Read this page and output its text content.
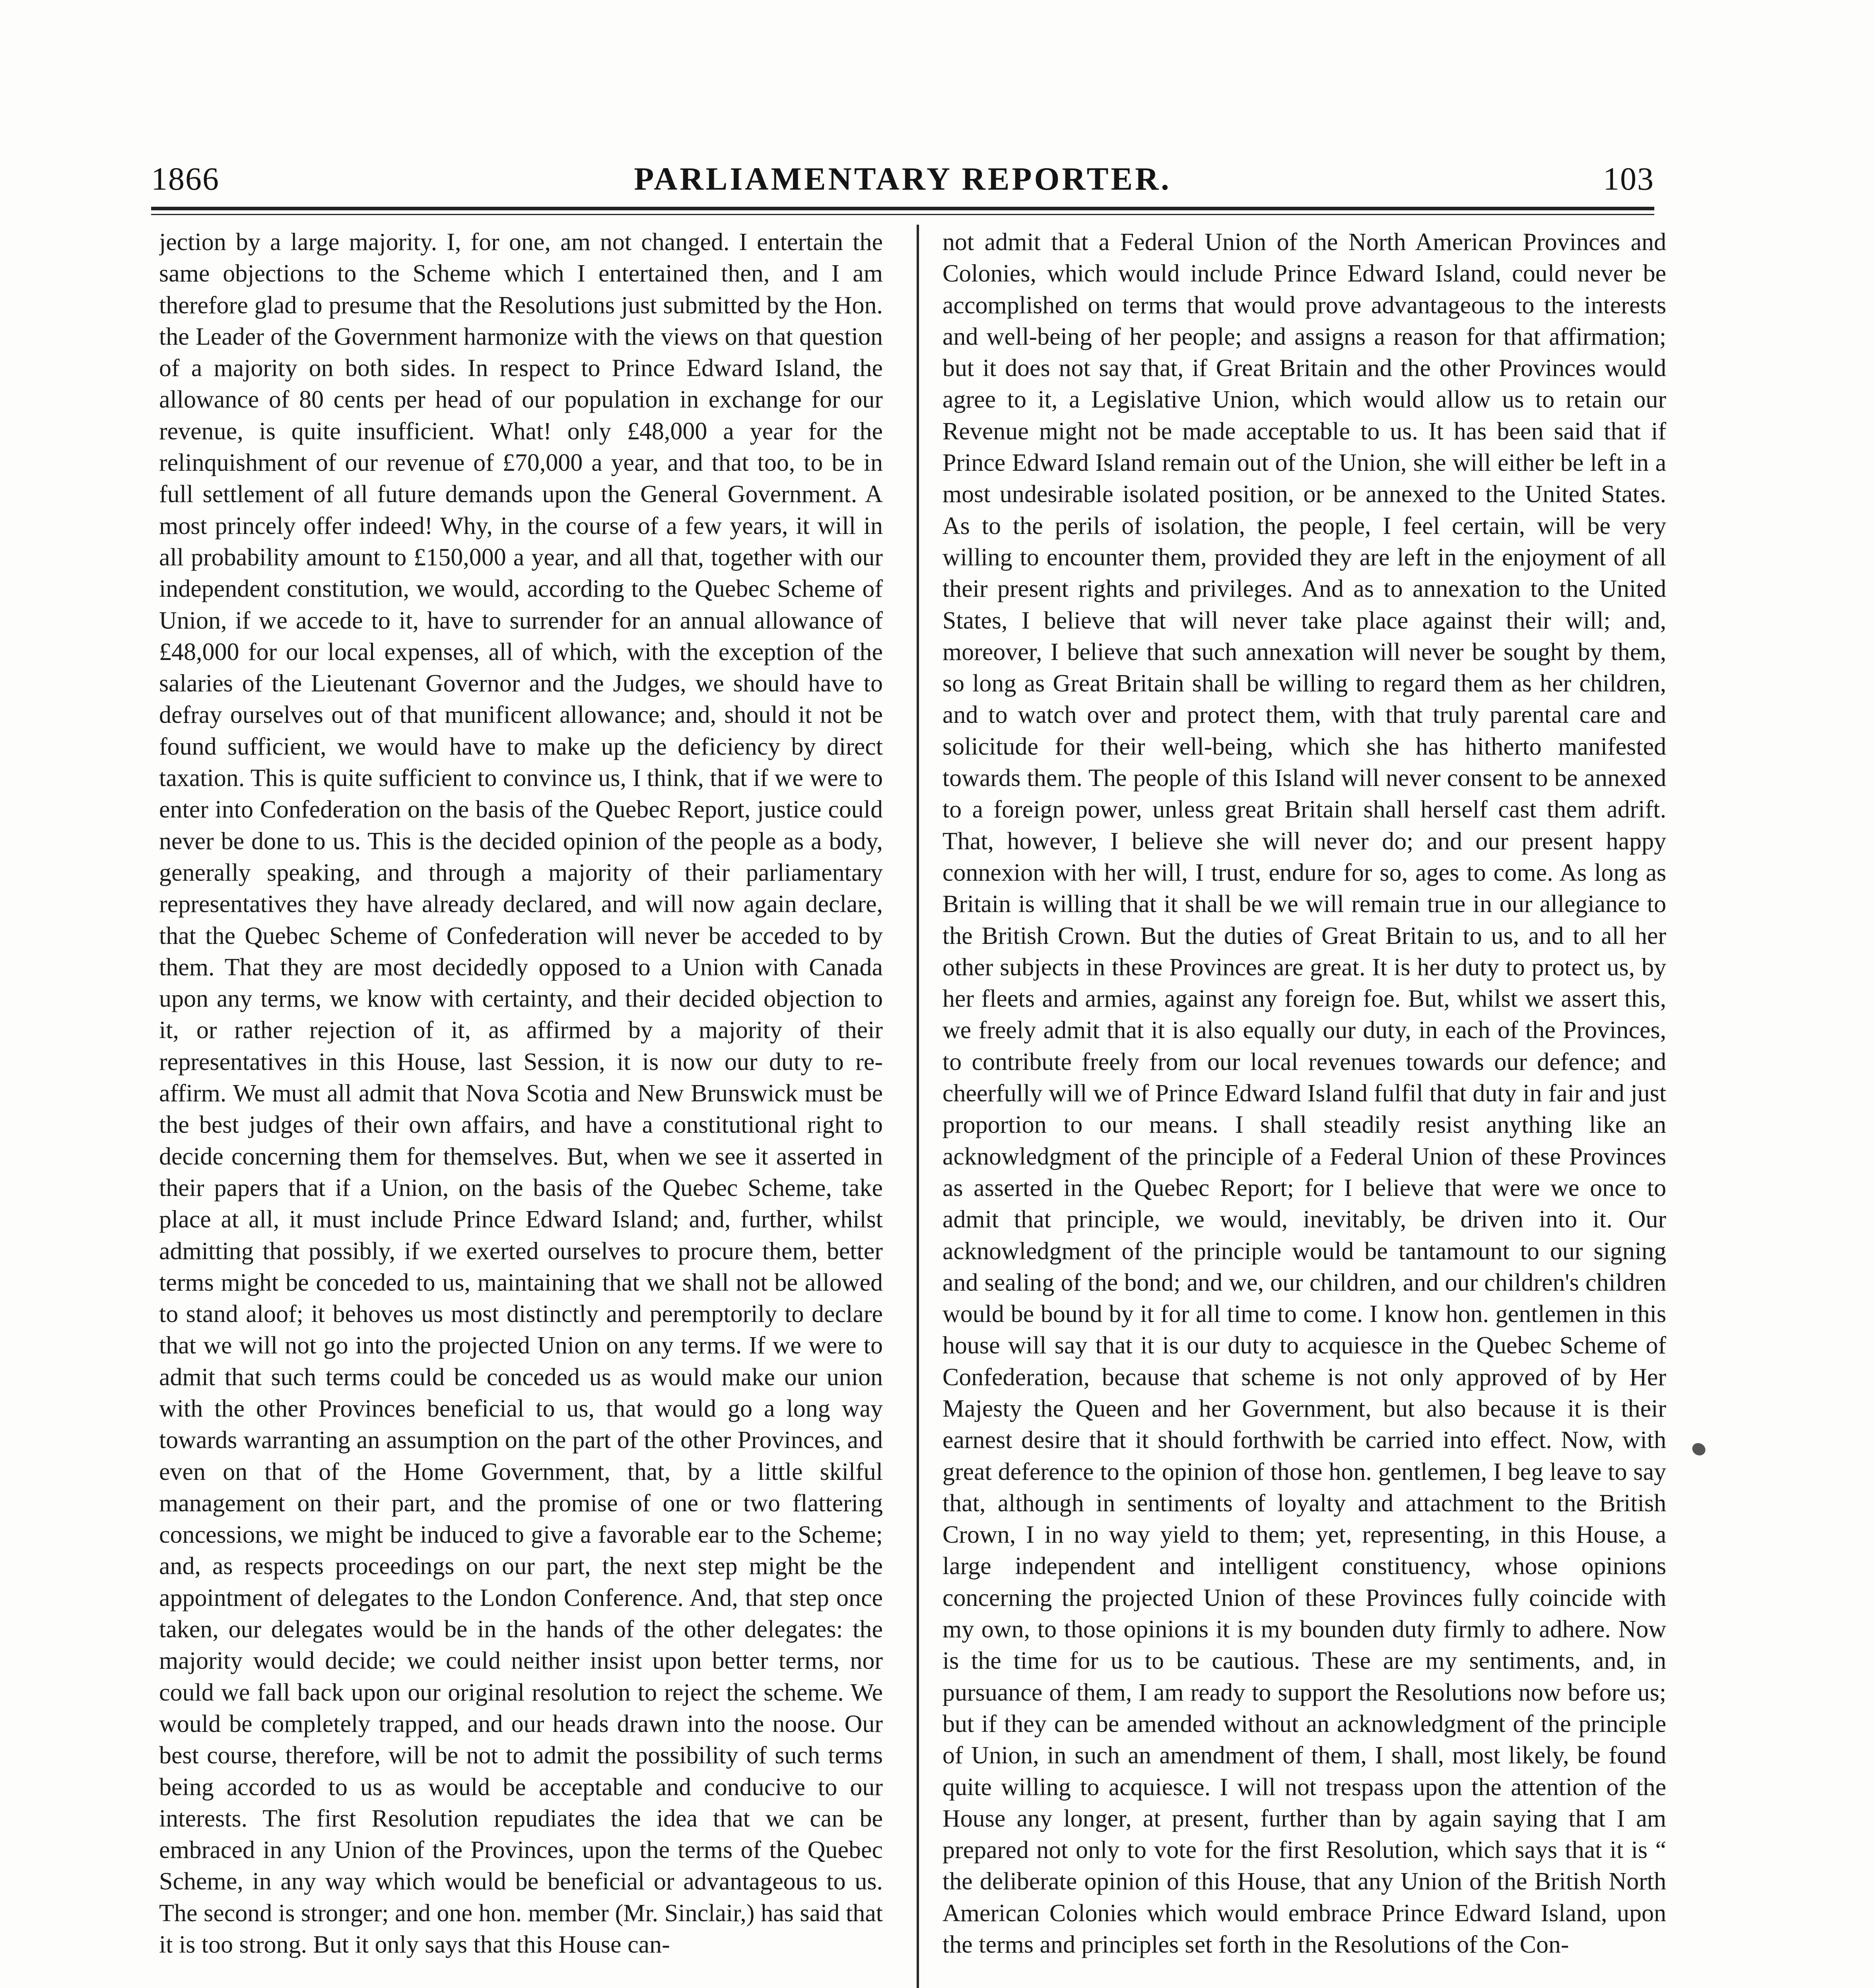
1866	PARLIAMENTARY REPORTER.	103

jection by a large majority. I, for one, am not changed. I entertain the same objections to the Scheme which I entertained then, and I am therefore glad to presume that the Resolutions just submitted by the Hon. the Leader of the Government harmonize with the views on that question of a majority on both sides. In respect to Prince Edward Island, the allowance of 80 cents per head of our population in exchange for our revenue, is quite insufficient. What! only £48,000 a year for the relinquishment of our revenue of £70,000 a year, and that too, to be in full settlement of all future demands upon the General Government. A most princely offer indeed! Why, in the course of a few years, it will in all probability amount to £150,000 a year, and all that, together with our independent constitution, we would, according to the Quebec Scheme of Union, if we accede to it, have to surrender for an annual allowance of £48,000 for our local expenses, all of which, with the exception of the salaries of the Lieutenant Governor and the Judges, we should have to defray ourselves out of that munificent allowance; and, should it not be found sufficient, we would have to make up the deficiency by direct taxation. This is quite sufficient to convince us, I think, that if we were to enter into Confederation on the basis of the Quebec Report, justice could never be done to us. This is the decided opinion of the people as a body, generally speaking, and through a majority of their parliamentary representatives they have already declared, and will now again declare, that the Quebec Scheme of Confederation will never be acceded to by them. That they are most decidedly opposed to a Union with Canada upon any terms, we know with certainty, and their decided objection to it, or rather rejection of it, as affirmed by a majority of their representatives in this House, last Session, it is now our duty to re-affirm. We must all admit that Nova Scotia and New Brunswick must be the best judges of their own affairs, and have a constitutional right to decide concerning them for themselves. But, when we see it asserted in their papers that if a Union, on the basis of the Quebec Scheme, take place at all, it must include Prince Edward Island; and, further, whilst admitting that possibly, if we exerted ourselves to procure them, better terms might be conceded to us, maintaining that we shall not be allowed to stand aloof; it behoves us most distinctly and peremptorily to declare that we will not go into the projected Union on any terms. If we were to admit that such terms could be conceded us as would make our union with the other Provinces beneficial to us, that would go a long way towards warranting an assumption on the part of the other Provinces, and even on that of the Home Government, that, by a little skilful management on their part, and the promise of one or two flattering concessions, we might be induced to give a favorable ear to the Scheme; and, as respects proceedings on our part, the next step might be the appointment of delegates to the London Conference. And, that step once taken, our delegates would be in the hands of the other delegates: the majority would decide; we could neither insist upon better terms, nor could we fall back upon our original resolution to reject the scheme. We would be completely trapped, and our heads drawn into the noose. Our best course, therefore, will be not to admit the possibility of such terms being accorded to us as would be acceptable and conducive to our interests. The first Resolution repudiates the idea that we can be embraced in any Union of the Provinces, upon the terms of the Quebec Scheme, in any way which would be beneficial or advantageous to us. The second is stronger; and one hon. member (Mr. Sinclair,) has said that it is too strong. But it only says that this House can-

not admit that a Federal Union of the North American Provinces and Colonies, which would include Prince Edward Island, could never be accomplished on terms that would prove advantageous to the interests and well-being of her people; and assigns a reason for that affirmation; but it does not say that, if Great Britain and the other Provinces would agree to it, a Legislative Union, which would allow us to retain our Revenue might not be made acceptable to us. It has been said that if Prince Edward Island remain out of the Union, she will either be left in a most undesirable isolated position, or be annexed to the United States. As to the perils of isolation, the people, I feel certain, will be very willing to encounter them, provided they are left in the enjoyment of all their present rights and privileges. And as to annexation to the United States, I believe that will never take place against their will; and, moreover, I believe that such annexation will never be sought by them, so long as Great Britain shall be willing to regard them as her children, and to watch over and protect them, with that truly parental care and solicitude for their well-being, which she has hitherto manifested towards them. The people of this Island will never consent to be annexed to a foreign power, unless great Britain shall herself cast them adrift. That, however, I believe she will never do; and our present happy connexion with her will, I trust, endure for so, ages to come. As long as Britain is willing that it shall be we will remain true in our allegiance to the British Crown. But the duties of Great Britain to us, and to all her other subjects in these Provinces are great. It is her duty to protect us, by her fleets and armies, against any foreign foe. But, whilst we assert this, we freely admit that it is also equally our duty, in each of the Provinces, to contribute freely from our local revenues towards our defence; and cheerfully will we of Prince Edward Island fulfil that duty in fair and just proportion to our means. I shall steadily resist anything like an acknowledgment of the principle of a Federal Union of these Provinces as asserted in the Quebec Report; for I believe that were we once to admit that principle, we would, inevitably, be driven into it. Our acknowledgment of the principle would be tantamount to our signing and sealing of the bond; and we, our children, and our children's children would be bound by it for all time to come. I know hon. gentlemen in this house will say that it is our duty to acquiesce in the Quebec Scheme of Confederation, because that scheme is not only approved of by Her Majesty the Queen and her Government, but also because it is their earnest desire that it should forthwith be carried into effect. Now, with great deference to the opinion of those hon. gentlemen, I beg leave to say that, although in sentiments of loyalty and attachment to the British Crown, I in no way yield to them; yet, representing, in this House, a large independent and intelligent constituency, whose opinions concerning the projected Union of these Provinces fully coincide with my own, to those opinions it is my bounden duty firmly to adhere. Now is the time for us to be cautious. These are my sentiments, and, in pursuance of them, I am ready to support the Resolutions now before us; but if they can be amended without an acknowledgment of the principle of Union, in such an amendment of them, I shall, most likely, be found quite willing to acquiesce. I will not trespass upon the attention of the House any longer, at present, further than by again saying that I am prepared not only to vote for the first Resolution, which says that it is “ the deliberate opinion of this House, that any Union of the British North American Colonies which would embrace Prince Edward Island, upon the terms and principles set forth in the Resolutions of the Con-
